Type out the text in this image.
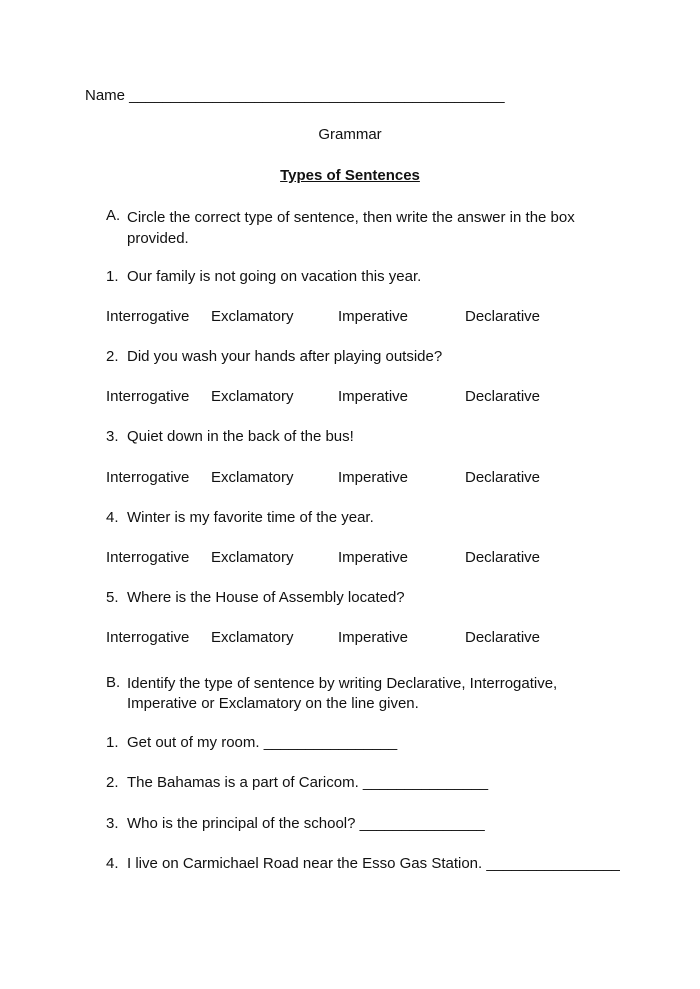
Name _____________________________________________
Grammar
Types of Sentences
A. Circle the correct type of sentence, then write the answer in the box provided.
1. Our family is not going on vacation this year.
Interrogative Exclamatory	Imperative	Declarative
2. Did you wash your hands after playing outside?
Interrogative Exclamatory	Imperative	Declarative
3. Quiet down in the back of the bus!
Interrogative Exclamatory	Imperative	Declarative
4. Winter is my favorite time of the year.
Interrogative Exclamatory	Imperative	Declarative
5. Where is the House of Assembly located?
Interrogative Exclamatory	Imperative	Declarative
B. Identify the type of sentence by writing Declarative, Interrogative, Imperative or Exclamatory on the line given.
1. Get out of my room. ________________
2. The Bahamas is a part of Caricom. _______________
3. Who is the principal of the school? _______________
4. I live on Carmichael Road near the Esso Gas Station. ________________
